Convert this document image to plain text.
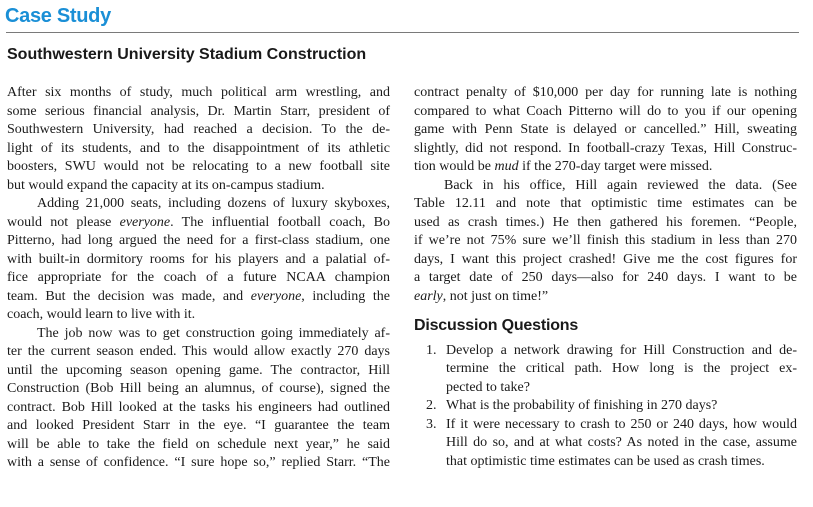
Case Study
Southwestern University Stadium Construction
After six months of study, much political arm wrestling, and
some serious financial analysis, Dr. Martin Starr, president of
Southwestern University, had reached a decision. To the de-
light of its students, and to the disappointment of its athletic
boosters, SWU would not be relocating to a new football site
but would expand the capacity at its on-campus stadium.
Adding 21,000 seats, including dozens of luxury skyboxes,
would not please everyone. The influential football coach, Bo
Pitterno, had long argued the need for a first-class stadium, one
with built-in dormitory rooms for his players and a palatial of-
fice appropriate for the coach of a future NCAA champion
team. But the decision was made, and everyone, including the
coach, would learn to live with it.
The job now was to get construction going immediately af-
ter the current season ended. This would allow exactly 270 days
until the upcoming season opening game. The contractor, Hill
Construction (Bob Hill being an alumnus, of course), signed the
contract. Bob Hill looked at the tasks his engineers had outlined
and looked President Starr in the eye. “I guarantee the team
will be able to take the field on schedule next year,” he said
with a sense of confidence. “I sure hope so,” replied Starr. “The
contract penalty of $10,000 per day for running late is nothing
compared to what Coach Pitterno will do to you if our opening
game with Penn State is delayed or cancelled.” Hill, sweating
slightly, did not respond. In football-crazy Texas, Hill Construc-
tion would be mud if the 270-day target were missed.
Back in his office, Hill again reviewed the data. (See
Table 12.11 and note that optimistic time estimates can be
used as crash times.) He then gathered his foremen. “People,
if we’re not 75% sure we’ll finish this stadium in less than 270
days, I want this project crashed! Give me the cost figures for
a target date of 250 days—also for 240 days. I want to be
early, not just on time!”
Discussion Questions
1. Develop a network drawing for Hill Construction and de-
termine the critical path. How long is the project ex-
pected to take?
2. What is the probability of finishing in 270 days?
3. If it were necessary to crash to 250 or 240 days, how would
Hill do so, and at what costs? As noted in the case, assume
that optimistic time estimates can be used as crash times.
